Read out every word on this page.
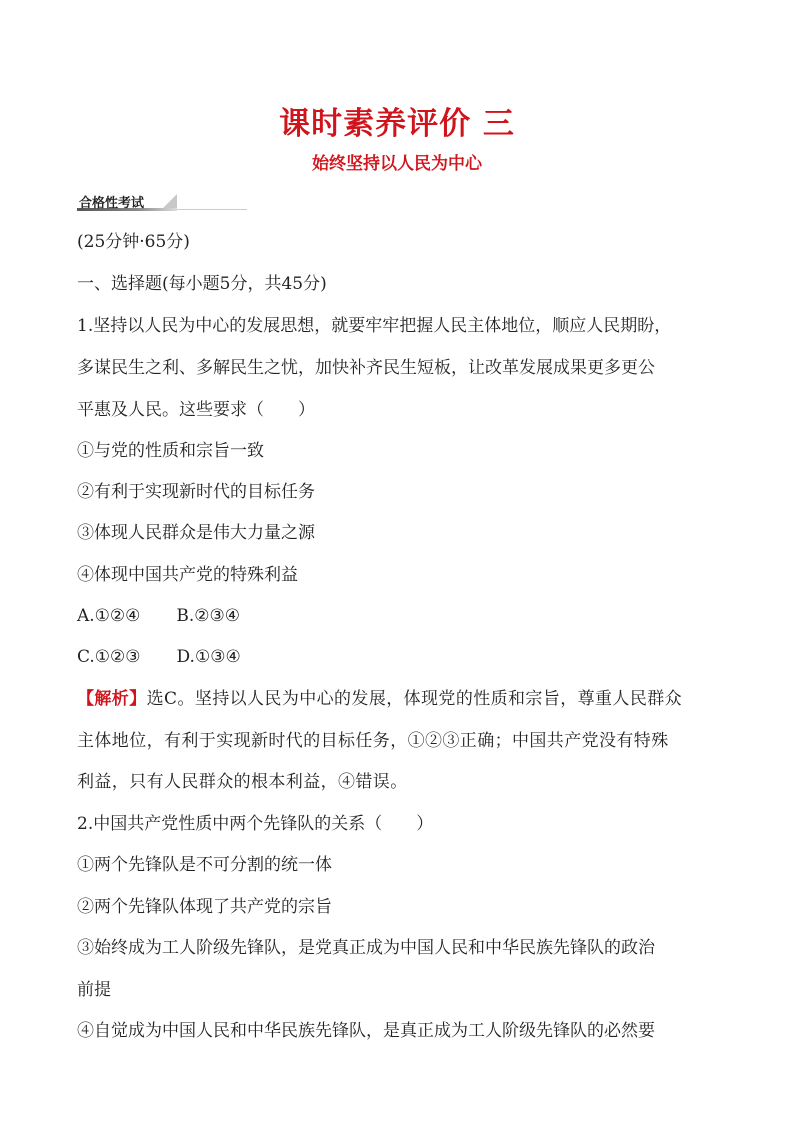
课时素养评价 三
始终坚持以人民为中心
合格性考试
(25分钟·65分)
一、选择题(每小题5分，共45分)
1.坚持以人民为中心的发展思想，就要牢牢把握人民主体地位，顺应人民期盼，
多谋民生之利、多解民生之忧，加快补齐民生短板，让改革发展成果更多更公
平惠及人民。这些要求（　　）
①与党的性质和宗旨一致
②有利于实现新时代的目标任务
③体现人民群众是伟大力量之源
④体现中国共产党的特殊利益
A.①②④ B.②③④
C.①②③ D.①③④
【解析】选C。坚持以人民为中心的发展，体现党的性质和宗旨，尊重人民群众
主体地位，有利于实现新时代的目标任务，①②③正确；中国共产党没有特殊
利益，只有人民群众的根本利益，④错误。
2.中国共产党性质中两个先锋队的关系（　　）
①两个先锋队是不可分割的统一体
②两个先锋队体现了共产党的宗旨
③始终成为工人阶级先锋队，是党真正成为中国人民和中华民族先锋队的政治
前提
④自觉成为中国人民和中华民族先锋队，是真正成为工人阶级先锋队的必然要
